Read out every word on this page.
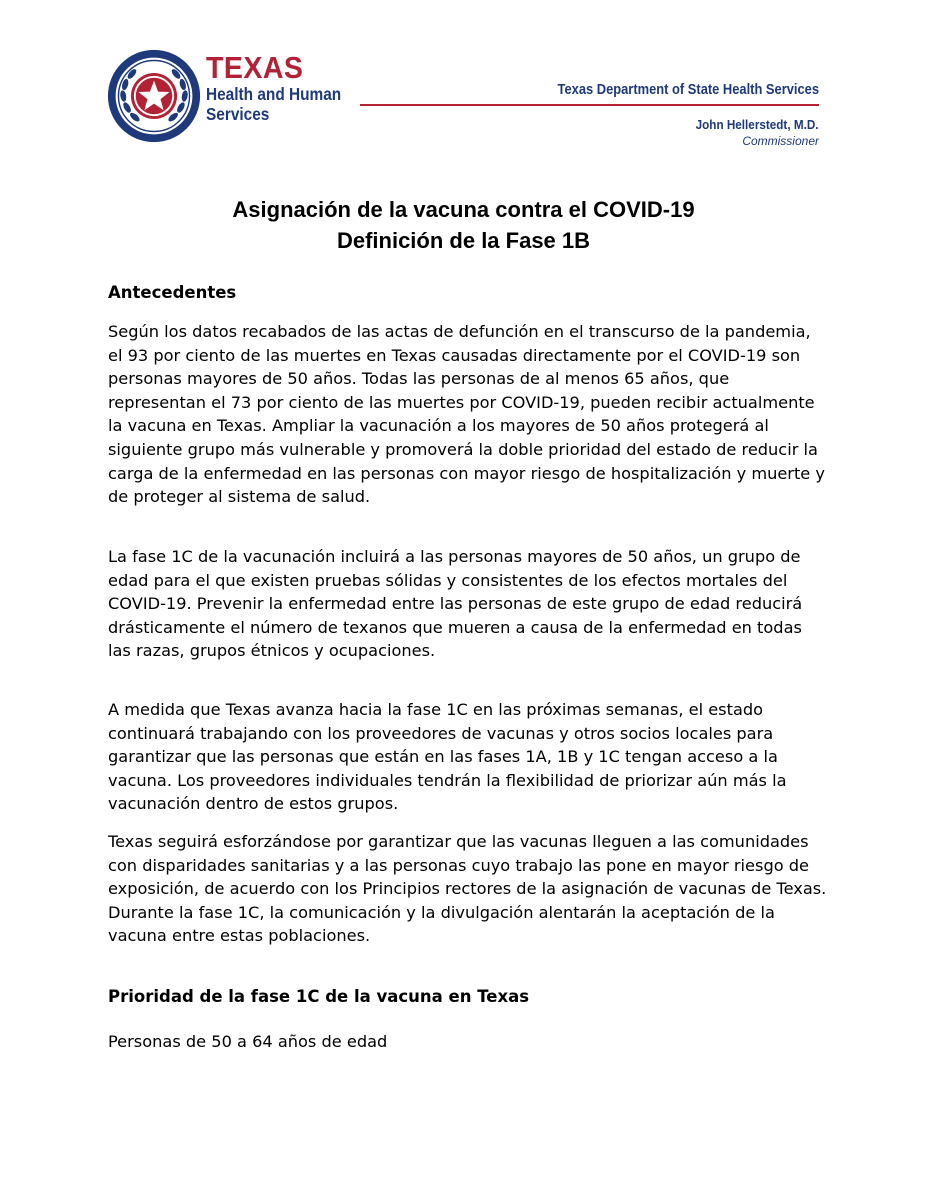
TEXAS
Health and Human
Services
Texas Department of State Health Services
John Hellerstedt, M.D.
Commissioner
Asignación de la vacuna contra el COVID-19
Definición de la Fase 1B
Antecedentes

Según los datos recabados de las actas de defunción en el transcurso de la pandemia, el 93 por ciento de las muertes en Texas causadas directamente por el COVID-19 son personas mayores de 50 años. Todas las personas de al menos 65 años, que representan el 73 por ciento de las muertes por COVID-19, pueden recibir actualmente la vacuna en Texas. Ampliar la vacunación a los mayores de 50 años protegerá al siguiente grupo más vulnerable y promoverá la doble prioridad del estado de reducir la carga de la enfermedad en las personas con mayor riesgo de hospitalización y muerte y de proteger al sistema de salud.

La fase 1C de la vacunación incluirá a las personas mayores de 50 años, un grupo de edad para el que existen pruebas sólidas y consistentes de los efectos mortales del COVID-19. Prevenir la enfermedad entre las personas de este grupo de edad reducirá drásticamente el número de texanos que mueren a causa de la enfermedad en todas las razas, grupos étnicos y ocupaciones.

A medida que Texas avanza hacia la fase 1C en las próximas semanas, el estado continuará trabajando con los proveedores de vacunas y otros socios locales para garantizar que las personas que están en las fases 1A, 1B y 1C tengan acceso a la vacuna. Los proveedores individuales tendrán la flexibilidad de priorizar aún más la vacunación dentro de estos grupos.

Texas seguirá esforzándose por garantizar que las vacunas lleguen a las comunidades con disparidades sanitarias y a las personas cuyo trabajo las pone en mayor riesgo de exposición, de acuerdo con los Principios rectores de la asignación de vacunas de Texas. Durante la fase 1C, la comunicación y la divulgación alentarán la aceptación de la vacuna entre estas poblaciones.

Prioridad de la fase 1C de la vacuna en Texas
Personas de 50 a 64 años de edad
